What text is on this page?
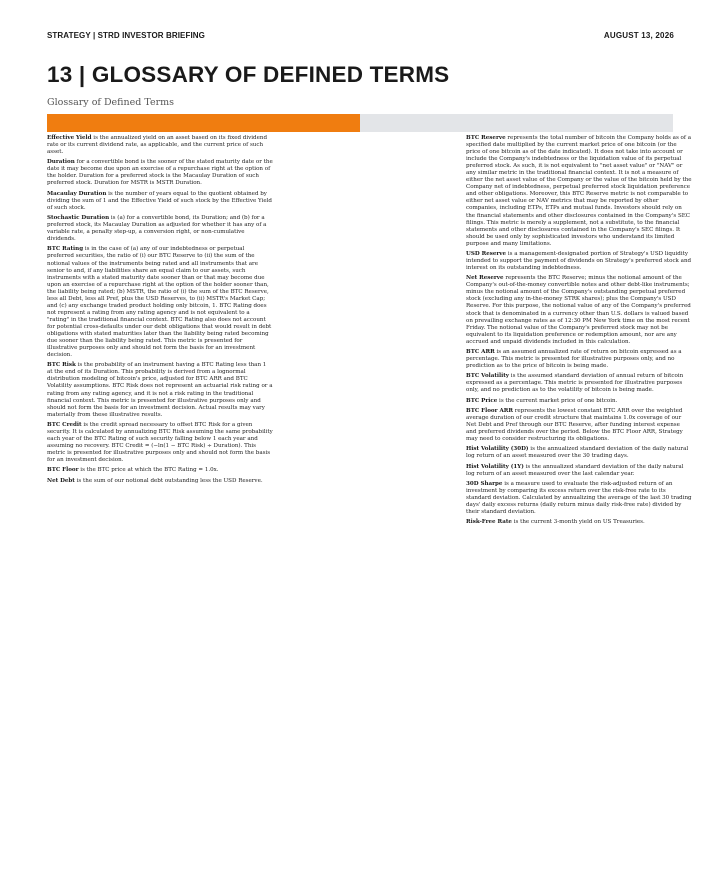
STRATEGY | STRD INVESTOR BRIEFING	AUGUST 13, 2026
13 | GLOSSARY OF DEFINED TERMS
Glossary of Defined Terms

Effective Yield is the annualized yield on an asset based on its fixed dividend rate or its current dividend rate, as applicable, and the current price of such asset.

Duration for a convertible bond is the sooner of the stated maturity date or the date it may become due upon an exercise of a repurchase right at the option of the holder. Duration for a preferred stock is the Macaulay Duration of such preferred stock. Duration for MSTR is MSTR Duration.

Macaulay Duration is the number of years equal to the quotient obtained by dividing the sum of 1 and the Effective Yield of such stock by the Effective Yield of such stock.

Stochastic Duration is (a) for a convertible bond, its Duration; and (b) for a preferred stock, its Macaulay Duration as adjusted for whether it has any of a variable rate, a penalty step-up, a conversion right, or non-cumulative dividends.

BTC Rating is in the case of (a) any of our indebtedness or perpetual preferred securities, the ratio of (i) our BTC Reserve to (ii) the sum of the notional values of the instruments being rated and all instruments that are senior to and, if any liabilities share an equal claim to our assets, such instruments with a stated maturity date sooner than or that may become due upon an exercise of a repurchase right at the option of the holder sooner than, the liability being rated; (b) MSTR, the ratio of (i) the sum of the BTC Reserve, less all Debt, less all Pref, plus the USD Reserves, to (ii) MSTR's Market Cap; and (c) any exchange traded product holding only bitcoin, 1. BTC Rating does not represent a rating from any rating agency and is not equivalent to a "rating" in the traditional financial context. BTC Rating also does not account for potential cross-defaults under our debt obligations that would result in debt obligations with stated maturities later than the liability being rated becoming due sooner than the liability being rated. This metric is presented for illustrative purposes only and should not form the basis for an investment decision.

BTC Risk is the probability of an instrument having a BTC Rating less than 1 at the end of its Duration. This probability is derived from a lognormal distribution modeling of bitcoin's price, adjusted for BTC ARR and BTC Volatility assumptions. BTC Risk does not represent an actuarial risk rating or a rating from any rating agency, and it is not a risk rating in the traditional financial context. This metric is presented for illustrative purposes only and should not form the basis for an investment decision. Actual results may vary materially from these illustrative results.

BTC Credit is the credit spread necessary to offset BTC Risk for a given security. It is calculated by annualizing BTC Risk assuming the same probability each year of the BTC Rating of such security falling below 1 each year and assuming no recovery. BTC Credit = (−ln(1 − BTC Risk) ÷ Duration). This metric is presented for illustrative purposes only and should not form the basis for an investment decision.

BTC Floor is the BTC price at which the BTC Rating = 1.0x.

Net Debt is the sum of our notional debt outstanding less the USD Reserve.

BTC Reserve represents the total number of bitcoin the Company holds as of a specified date multiplied by the current market price of one bitcoin (or the price of one bitcoin as of the date indicated). It does not take into account or include the Company's indebtedness or the liquidation value of its perpetual preferred stock. As such, it is not equivalent to "net asset value" or "NAV" or any similar metric in the traditional financial context. It is not a measure of either the net asset value of the Company or the value of the bitcoin held by the Company net of indebtedness, perpetual preferred stock liquidation preference and other obligations. Moreover, this BTC Reserve metric is not comparable to either net asset value or NAV metrics that may be reported by other companies, including ETPs, ETPs and mutual funds. Investors should rely on the financial statements and other disclosures contained in the Company's SEC filings. This metric is merely a supplement, not a substitute, to the financial statements and other disclosures contained in the Company's SEC filings. It should be used only by sophisticated investors who understand its limited purpose and many limitations.

USD Reserve is a management-designated portion of Strategy's USD liquidity intended to support the payment of dividends on Strategy's preferred stock and interest on its outstanding indebtedness.

Net Reserve represents the BTC Reserve; minus the notional amount of the Company's out-of-the-money convertible notes and other debt-like instruments; minus the notional amount of the Company's outstanding perpetual preferred stock (excluding any in-the-money STRK shares); plus the Company's USD Reserve. For this purpose, the notional value of any of the Company's preferred stock that is denominated in a currency other than U.S. dollars is valued based on prevailing exchange rates as of 12:30 PM New York time on the most recent Friday. The notional value of the Company's preferred stock may not be equivalent to its liquidation preference or redemption amount, nor are any accrued and unpaid dividends included in this calculation.

BTC ARR is an assumed annualized rate of return on bitcoin expressed as a percentage. This metric is presented for illustrative purposes only, and no prediction as to the price of bitcoin is being made.

BTC Volatility is the assumed standard deviation of annual return of bitcoin expressed as a percentage. This metric is presented for illustrative purposes only, and no prediction as to the volatility of bitcoin is being made.

BTC Price is the current market price of one bitcoin.

BTC Floor ARR represents the lowest constant BTC ARR over the weighted average duration of our credit structure that maintains 1.0x coverage of our Net Debt and Pref through our BTC Reserve, after funding interest expense and preferred dividends over the period. Below the BTC Floor ARR, Strategy may need to consider restructuring its obligations.

Hist Volatility (30D) is the annualized standard deviation of the daily natural log return of an asset measured over the 30 trading days.

Hist Volatility (1Y) is the annualized standard deviation of the daily natural log return of an asset measured over the last calendar year.

30D Sharpe is a measure used to evaluate the risk-adjusted return of an investment by comparing its excess return over the risk-free rate to its standard deviation. Calculated by annualizing the average of the last 30 trading days' daily excess returns (daily return minus daily risk-free rate) divided by their standard deviation.

Risk-Free Rate is the current 3-month yield on US Treasuries.
